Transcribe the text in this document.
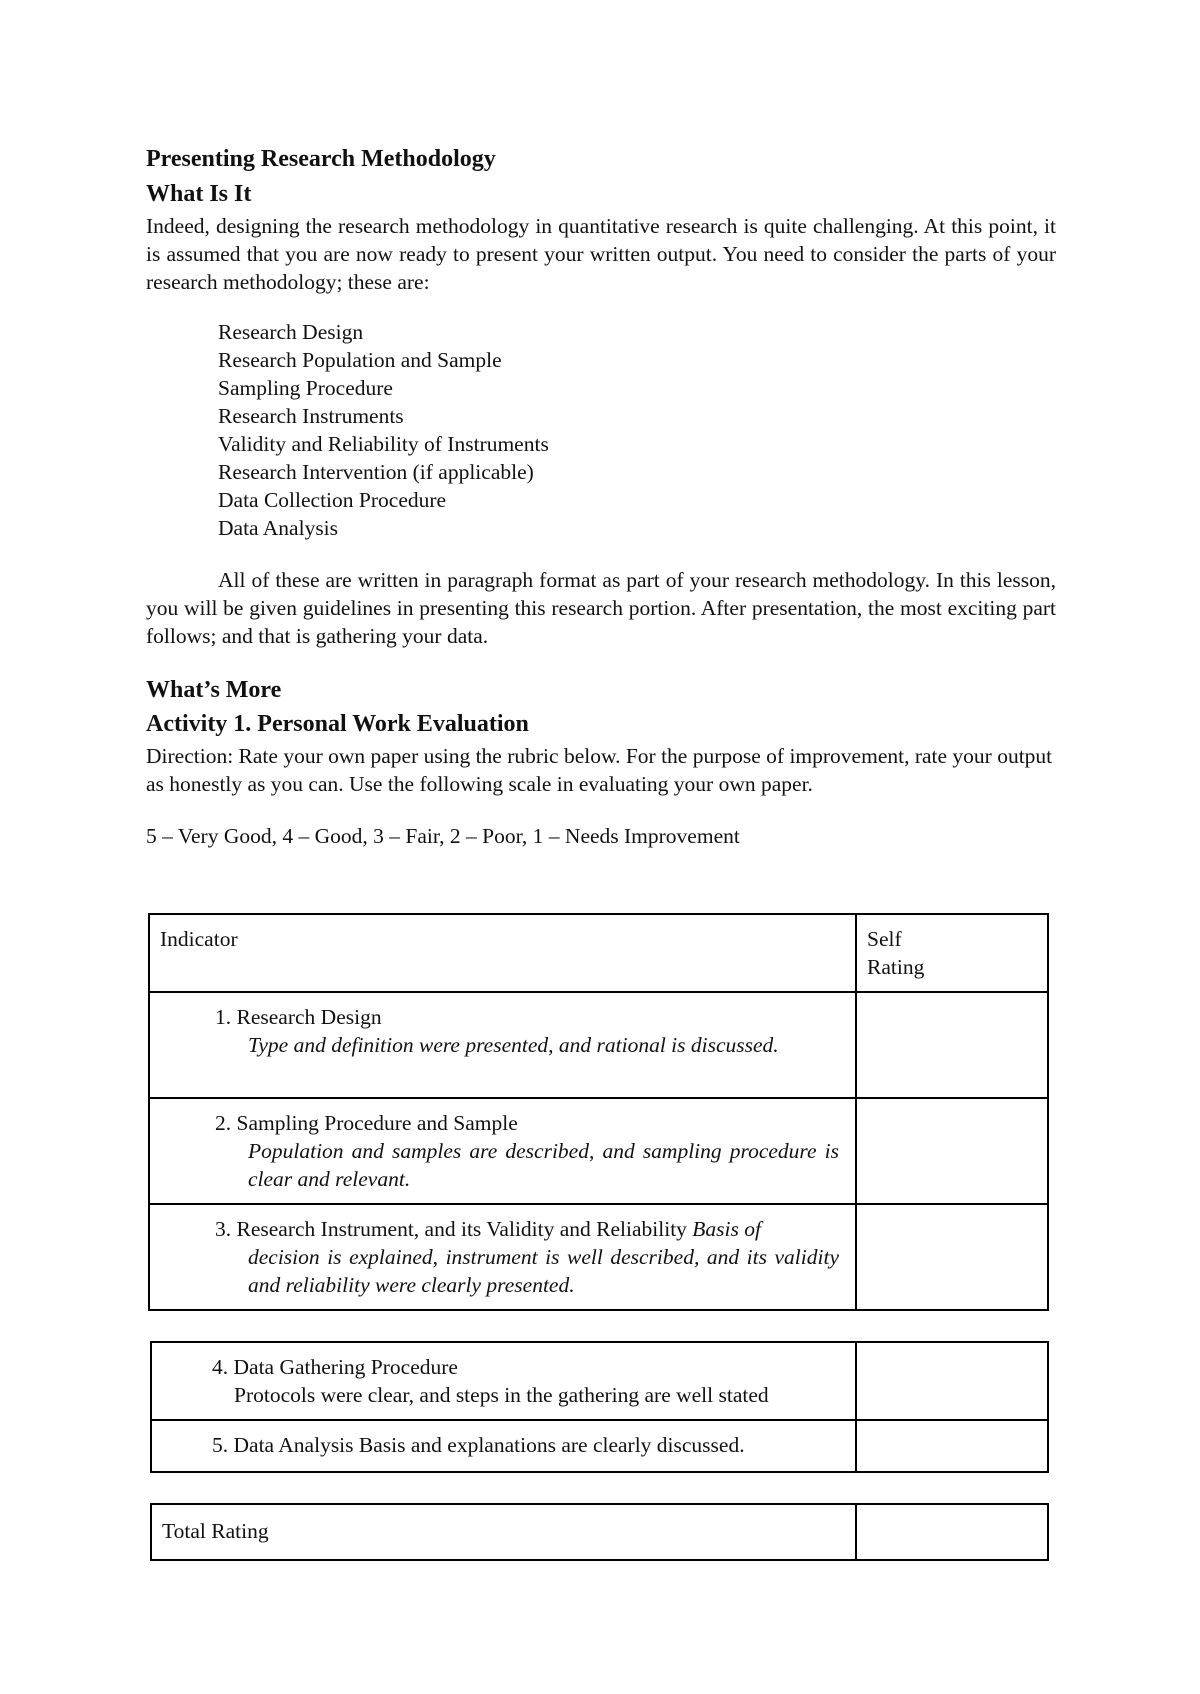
Presenting Research Methodology
What Is It

Indeed, designing the research methodology in quantitative research is quite challenging. At this point, it is assumed that you are now ready to present your written output. You need to consider the parts of your research methodology; these are:

Research Design
Research Population and Sample
Sampling Procedure
Research Instruments
Validity and Reliability of Instruments
Research Intervention (if applicable)
Data Collection Procedure
Data Analysis

All of these are written in paragraph format as part of your research methodology. In this lesson, you will be given guidelines in presenting this research portion. After presentation, the most exciting part follows; and that is gathering your data.

What’s More
Activity 1. Personal Work Evaluation

Direction: Rate your own paper using the rubric below. For the purpose of improvement, rate your output as honestly as you can. Use the following scale in evaluating your own paper.

5 – Very Good, 4 – Good, 3 – Fair, 2 – Poor, 1 – Needs Improvement

Indicator	Self
Rating

1. Research Design
Type and definition were presented, and rational is discussed.	

2. Sampling Procedure and Sample
Population and samples are described, and sampling procedure is clear and relevant.	

3. Research Instrument, and its Validity and Reliability Basis of
decision is explained, instrument is well described, and its validity and reliability were clearly presented.	

4. Data Gathering Procedure
Protocols were clear, and steps in the gathering are well stated	

5. Data Analysis Basis and explanations are clearly discussed.	

Total Rating
